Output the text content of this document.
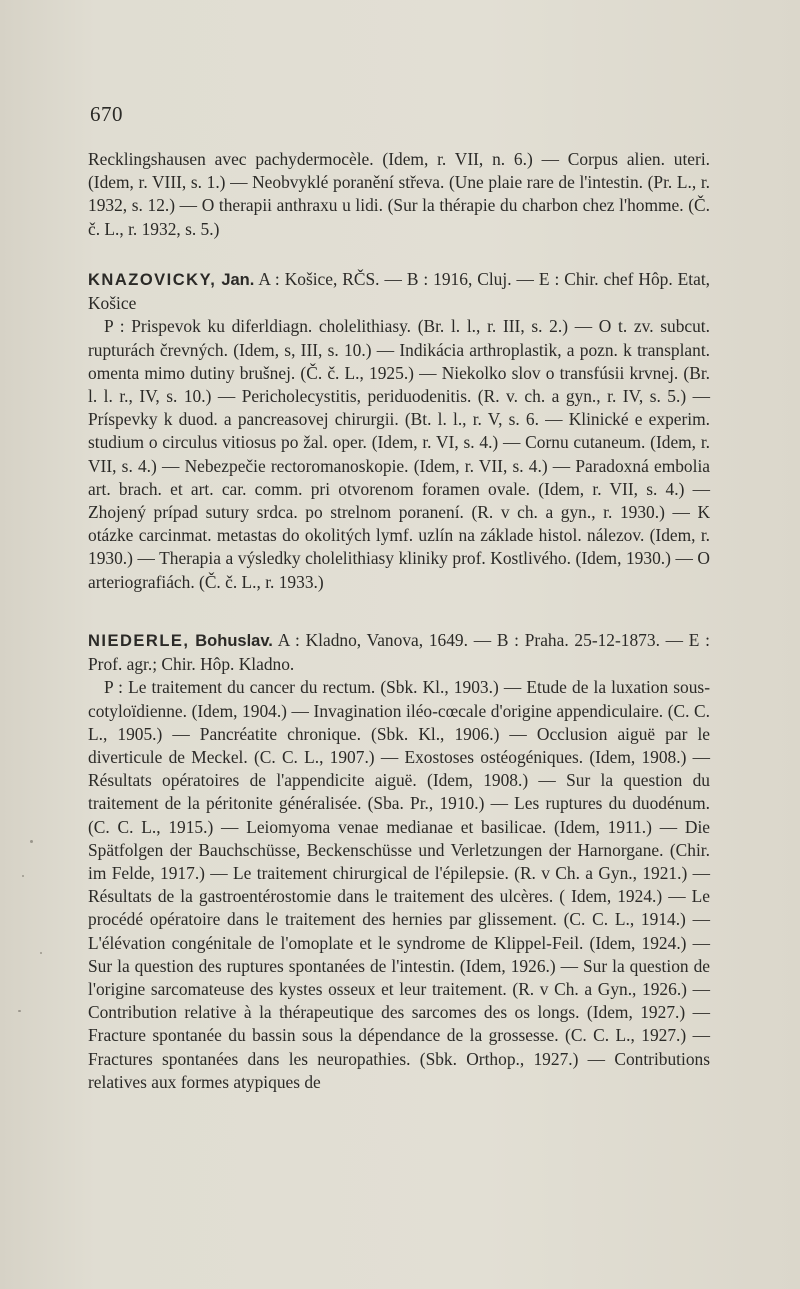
670

Recklingshausen avec pachydermocèle. (Idem, r. VII, n. 6.) — Corpus alien. uteri. (Idem, r. VIII, s. 1.) — Neobvyklé poranění střeva. (Une plaie rare de l'intestin. (Pr. L., r. 1932, s. 12.) — O therapii anthraxu u lidi. (Sur la thérapie du charbon chez l'homme. (Č. č. L., r. 1932, s. 5.)

KNAZOVICKY, Jan. A : Košice, RČS. — B : 1916, Cluj. — E : Chir. chef Hôp. Etat, Košice

P : Prispevok ku diferldiagn. cholelithiasy. (Br. l. l., r. III, s. 2.) — O t. zv. subcut. rupturách črevných. (Idem, s, III, s. 10.) — Indikácia arthroplastik, a pozn. k transplant. omenta mimo dutiny brušnej. (Č. č. L., 1925.) — Niekolko slov o transfúsii krvnej. (Br. l. l. r., IV, s. 10.) — Pericholecystitis, periduodenitis. (R. v. ch. a gyn., r. IV, s. 5.) — Príspevky k duod. a pancreasovej chirurgii. (Bt. l. l., r. V, s. 6. — Klinické e experim. studium o circulus vitiosus po žal. oper. (Idem, r. VI, s. 4.) — Cornu cutaneum. (Idem, r. VII, s. 4.) — Nebezpečie rectoromanoskopie. (Idem, r. VII, s. 4.) — Paradoxná embolia art. brach. et art. car. comm. pri otvorenom foramen ovale. (Idem, r. VII, s. 4.) — Zhojený prípad sutury srdca. po strelnom poranení. (R. v ch. a gyn., r. 1930.) — K otázke carcinmat. metastas do okolitých lymf. uzlín na základe histol. nálezov. (Idem, r. 1930.) — Therapia a výsledky cholelithiasy kliniky prof. Kostlivého. (Idem, 1930.) — O arteriografiách. (Č. č. L., r. 1933.)

NIEDERLE, Bohuslav. A : Kladno, Vanova, 1649. — B : Praha. 25-12-1873. — E : Prof. agr.; Chir. Hôp. Kladno.

P : Le traitement du cancer du rectum. (Sbk. Kl., 1903.) — Etude de la luxation sous-cotyloïdienne. (Idem, 1904.) — Invagination iléo-cœcale d'origine appendiculaire. (C. C. L., 1905.) — Pancréatite chronique. (Sbk. Kl., 1906.) — Occlusion aiguë par le diverticule de Meckel. (C. C. L., 1907.) — Exostoses ostéogéniques. (Idem, 1908.) — Résultats opératoires de l'appendicite aiguë. (Idem, 1908.) — Sur la question du traitement de la péritonite généralisée. (Sba. Pr., 1910.) — Les ruptures du duodénum. (C. C. L., 1915.) — Leiomyoma venae medianae et basilicae. (Idem, 1911.) — Die Spätfolgen der Bauchschüsse, Beckenschüsse und Verletzungen der Harnorgane. (Chir. im Felde, 1917.) — Le traitement chirurgical de l'épilepsie. (R. v Ch. a Gyn., 1921.) — Résultats de la gastroentérostomie dans le traitement des ulcères. ( Idem, 1924.) — Le procédé opératoire dans le traitement des hernies par glissement. (C. C. L., 1914.) — L'élévation congénitale de l'omoplate et le syndrome de Klippel-Feil. (Idem, 1924.) — Sur la question des ruptures spontanées de l'intestin. (Idem, 1926.) — Sur la question de l'origine sarcomateuse des kystes osseux et leur traitement. (R. v Ch. a Gyn., 1926.) — Contribution relative à la thérapeutique des sarcomes des os longs. (Idem, 1927.) — Fracture spontanée du bassin sous la dépendance de la grossesse. (C. C. L., 1927.) — Fractures spontanées dans les neuropathies. (Sbk. Orthop., 1927.) — Contributions relatives aux formes atypiques de
